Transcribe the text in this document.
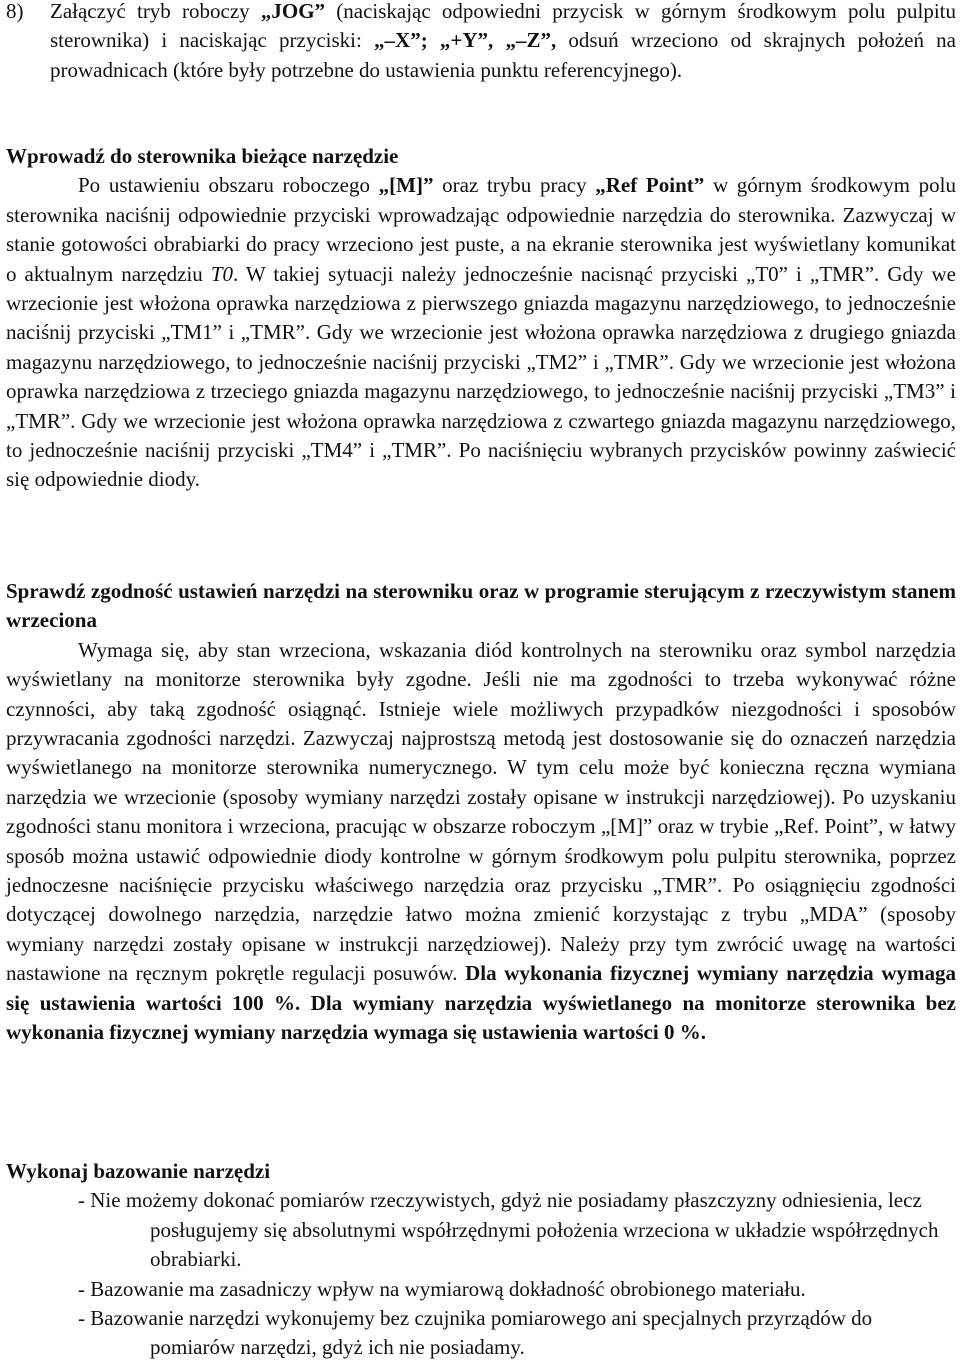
8)	Załączyć tryb roboczy „JOG” (naciskając odpowiedni przycisk w górnym środkowym polu pulpitu sterownika) i naciskając przyciski: „–X”; „+Y”, „–Z”, odsuń wrzeciono od skrajnych położeń na prowadnicach (które były potrzebne do ustawienia punktu referencyjnego).
Wprowadź do sterownika bieżące narzędzie

Po ustawieniu obszaru roboczego „[M]” oraz trybu pracy „Ref Point” w górnym środkowym polu sterownika naciśnij odpowiednie przyciski wprowadzając odpowiednie narzędzia do sterownika. Zazwyczaj w stanie gotowości obrabiarki do pracy wrzeciono jest puste, a na ekranie sterownika jest wyświetlany komunikat o aktualnym narzędziu T0. W takiej sytuacji należy jednocześnie nacisnąć przyciski „T0” i „TMR”. Gdy we wrzecionie jest włożona oprawka narzędziowa z pierwszego gniazda magazynu narzędziowego, to jednocześnie naciśnij przyciski „TM1” i „TMR”. Gdy we wrzecionie jest włożona oprawka narzędziowa z drugiego gniazda magazynu narzędziowego, to jednocześnie naciśnij przyciski „TM2” i „TMR”. Gdy we wrzecionie jest włożona oprawka narzędziowa z trzeciego gniazda magazynu narzędziowego, to jednocześnie naciśnij przyciski „TM3” i „TMR”. Gdy we wrzecionie jest włożona oprawka narzędziowa z czwartego gniazda magazynu narzędziowego, to jednocześnie naciśnij przyciski „TM4” i „TMR”. Po naciśnięciu wybranych przycisków powinny zaświecić się odpowiednie diody.

Sprawdź zgodność ustawień narzędzi na sterowniku oraz w programie sterującym z rzeczywistym stanem wrzeciona

Wymaga się, aby stan wrzeciona, wskazania diód kontrolnych na sterowniku oraz symbol narzędzia wyświetlany na monitorze sterownika były zgodne. Jeśli nie ma zgodności to trzeba wykonywać różne czynności, aby taką zgodność osiągnąć. Istnieje wiele możliwych przypadków niezgodności i sposobów przywracania zgodności narzędzi. Zazwyczaj najprostszą metodą jest dostosowanie się do oznaczeń narzędzia wyświetlanego na monitorze sterownika numerycznego. W tym celu może być konieczna ręczna wymiana narzędzia we wrzecionie (sposoby wymiany narzędzi zostały opisane w instrukcji narzędziowej). Po uzyskaniu zgodności stanu monitora i wrzeciona, pracując w obszarze roboczym „[M]” oraz w trybie „Ref. Point”, w łatwy sposób można ustawić odpowiednie diody kontrolne w górnym środkowym polu pulpitu sterownika, poprzez jednoczesne naciśnięcie przycisku właściwego narzędzia oraz przycisku „TMR”. Po osiągnięciu zgodności dotyczącej dowolnego narzędzia, narzędzie łatwo można zmienić korzystając z trybu „MDA” (sposoby wymiany narzędzi zostały opisane w instrukcji narzędziowej). Należy przy tym zwrócić uwagę na wartości nastawione na ręcznym pokrętle regulacji posuwów. Dla wykonania fizycznej wymiany narzędzia wymaga się ustawienia wartości 100 %. Dla wymiany narzędzia wyświetlanego na monitorze sterownika bez wykonania fizycznej wymiany narzędzia wymaga się ustawienia wartości 0 %.

Wykonaj bazowanie narzędzi

- Nie możemy dokonać pomiarów rzeczywistych, gdyż nie posiadamy płaszczyzny odniesienia, lecz posługujemy się absolutnymi współrzędnymi położenia wrzeciona w układzie współrzędnych obrabiarki.

- Bazowanie ma zasadniczy wpływ na wymiarową dokładność obrobionego materiału.

- Bazowanie narzędzi wykonujemy bez czujnika pomiarowego ani specjalnych przyrządów do pomiarów narzędzi, gdyż ich nie posiadamy.
